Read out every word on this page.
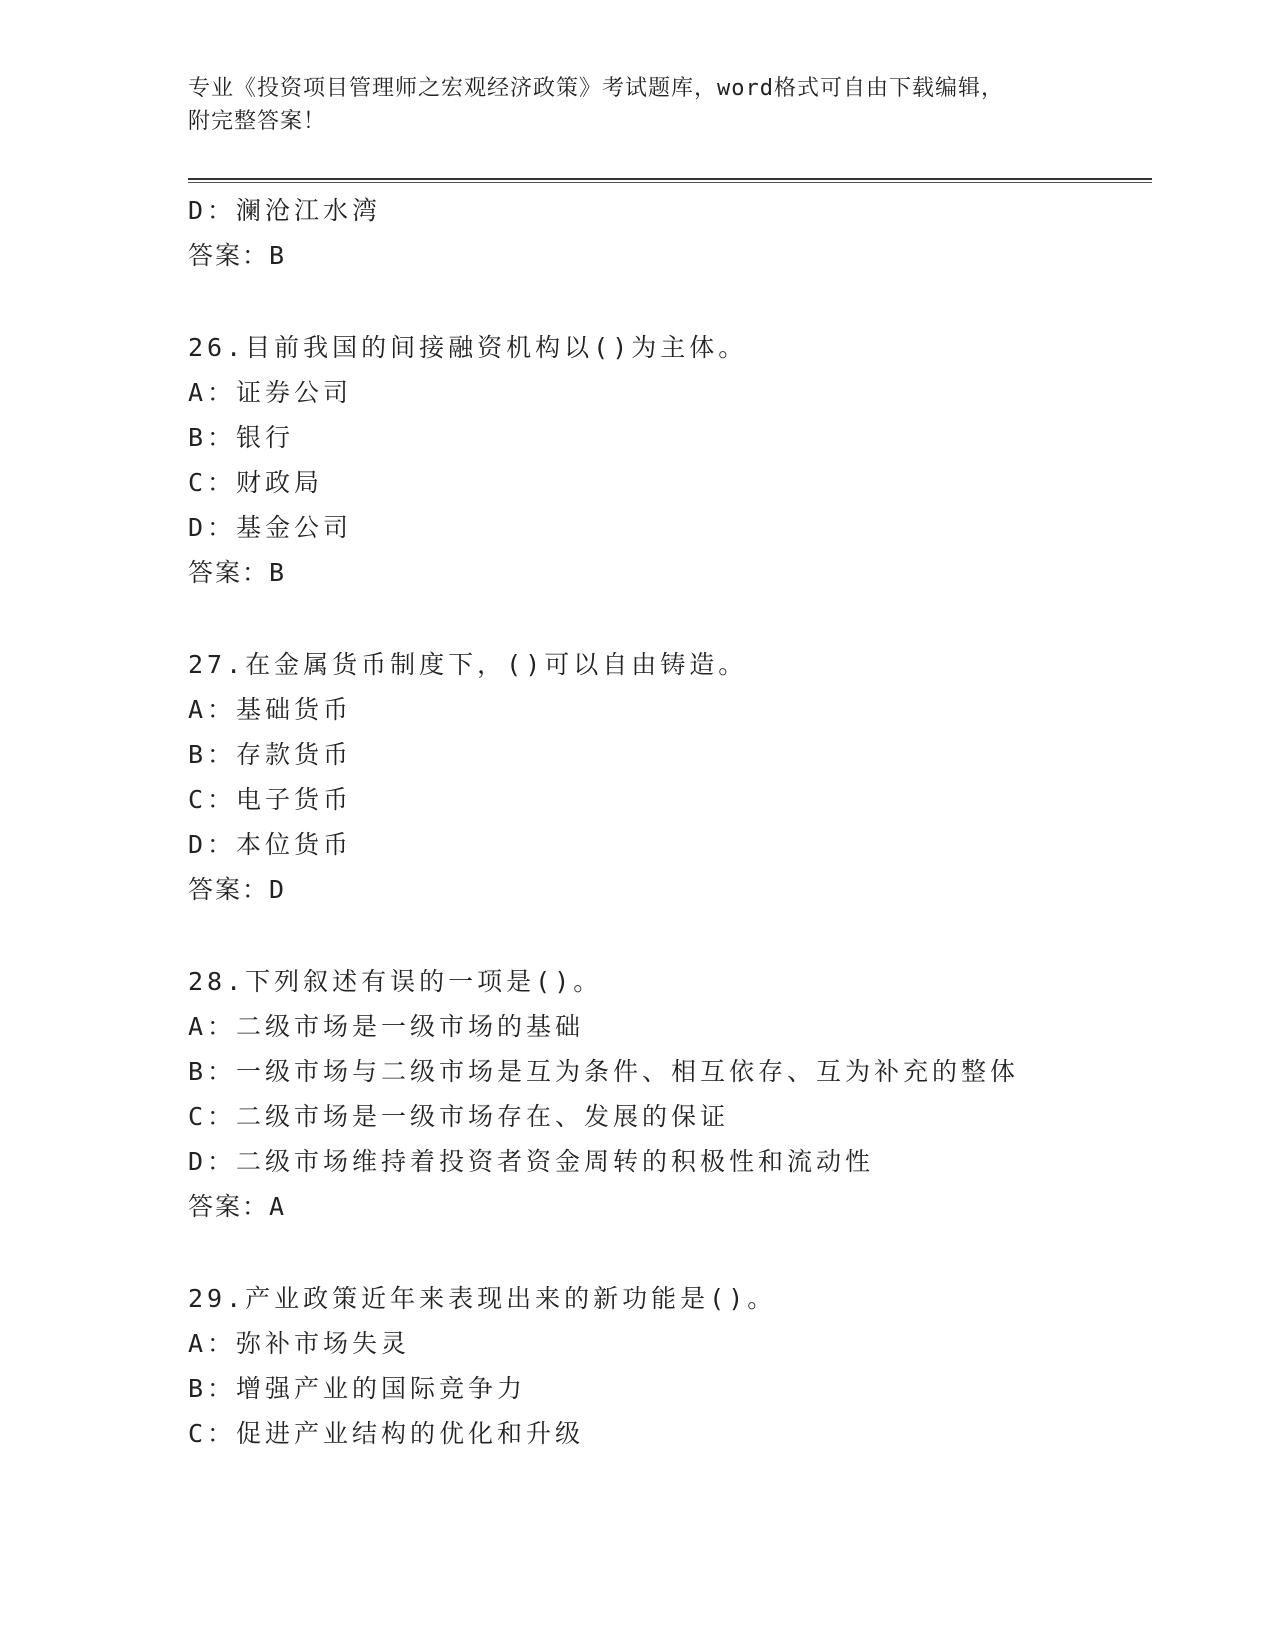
专业《投资项目管理师之宏观经济政策》考试题库，word格式可自由下载编辑，
附完整答案！
D：澜沧江水湾
答案：B
26.目前我国的间接融资机构以()为主体。
A：证券公司
B：银行
C：财政局
D：基金公司
答案：B
27.在金属货币制度下，()可以自由铸造。
A：基础货币
B：存款货币
C：电子货币
D：本位货币
答案：D
28.下列叙述有误的一项是()。
A：二级市场是一级市场的基础
B：一级市场与二级市场是互为条件、相互依存、互为补充的整体
C：二级市场是一级市场存在、发展的保证
D：二级市场维持着投资者资金周转的积极性和流动性
答案：A
29.产业政策近年来表现出来的新功能是()。
A：弥补市场失灵
B：增强产业的国际竞争力
C：促进产业结构的优化和升级
